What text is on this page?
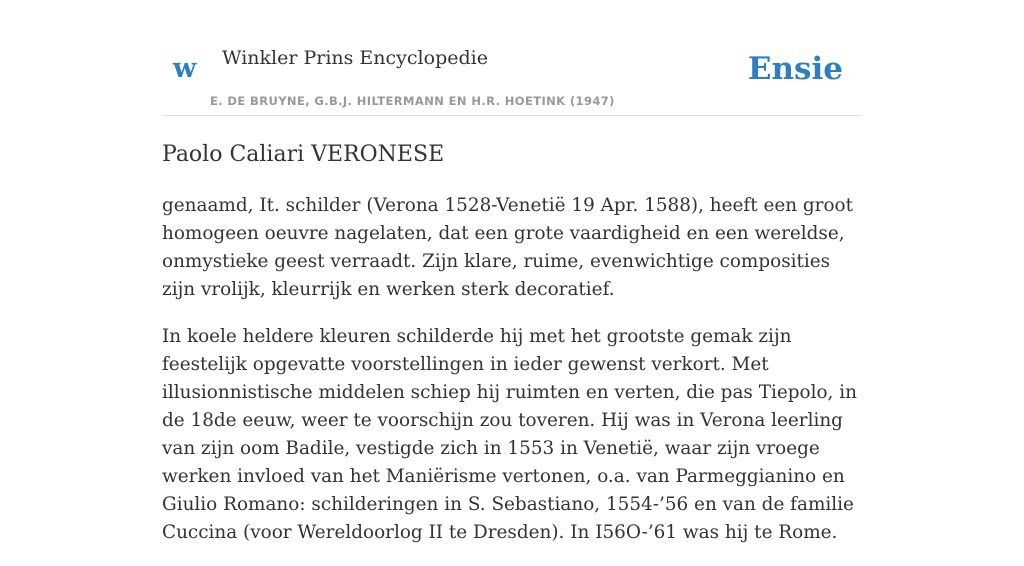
w Winkler Prins Encyclopedie
E. DE BRUYNE, G.B.J. HILTERMANN EN H.R. HOETINK (1947)
Ensie
Paolo Caliari VERONESE

genaamd, It. schilder (Verona 1528-Venetië 19 Apr. 1588), heeft een groot homogeen oeuvre nagelaten, dat een grote vaardigheid en een wereldse, onmystieke geest verraadt. Zijn klare, ruime, evenwichtige composities zijn vrolijk, kleurrijk en werken sterk decoratief.

In koele heldere kleuren schilderde hij met het grootste gemak zijn feestelijk opgevatte voorstellingen in ieder gewenst verkort. Met illusionnistische middelen schiep hij ruimten en verten, die pas Tiepolo, in de 18de eeuw, weer te voorschijn zou toveren. Hij was in Verona leerling van zijn oom Badile, vestigde zich in 1553 in Venetië, waar zijn vroege werken invloed van het Maniërisme vertonen, o.a. van Parmeggianino en Giulio Romano: schilderingen in S. Sebastiano, 1554-’56 en van de familie Cuccina (voor Wereldoorlog II te Dresden). In I56O-’61 was hij te Rome.
